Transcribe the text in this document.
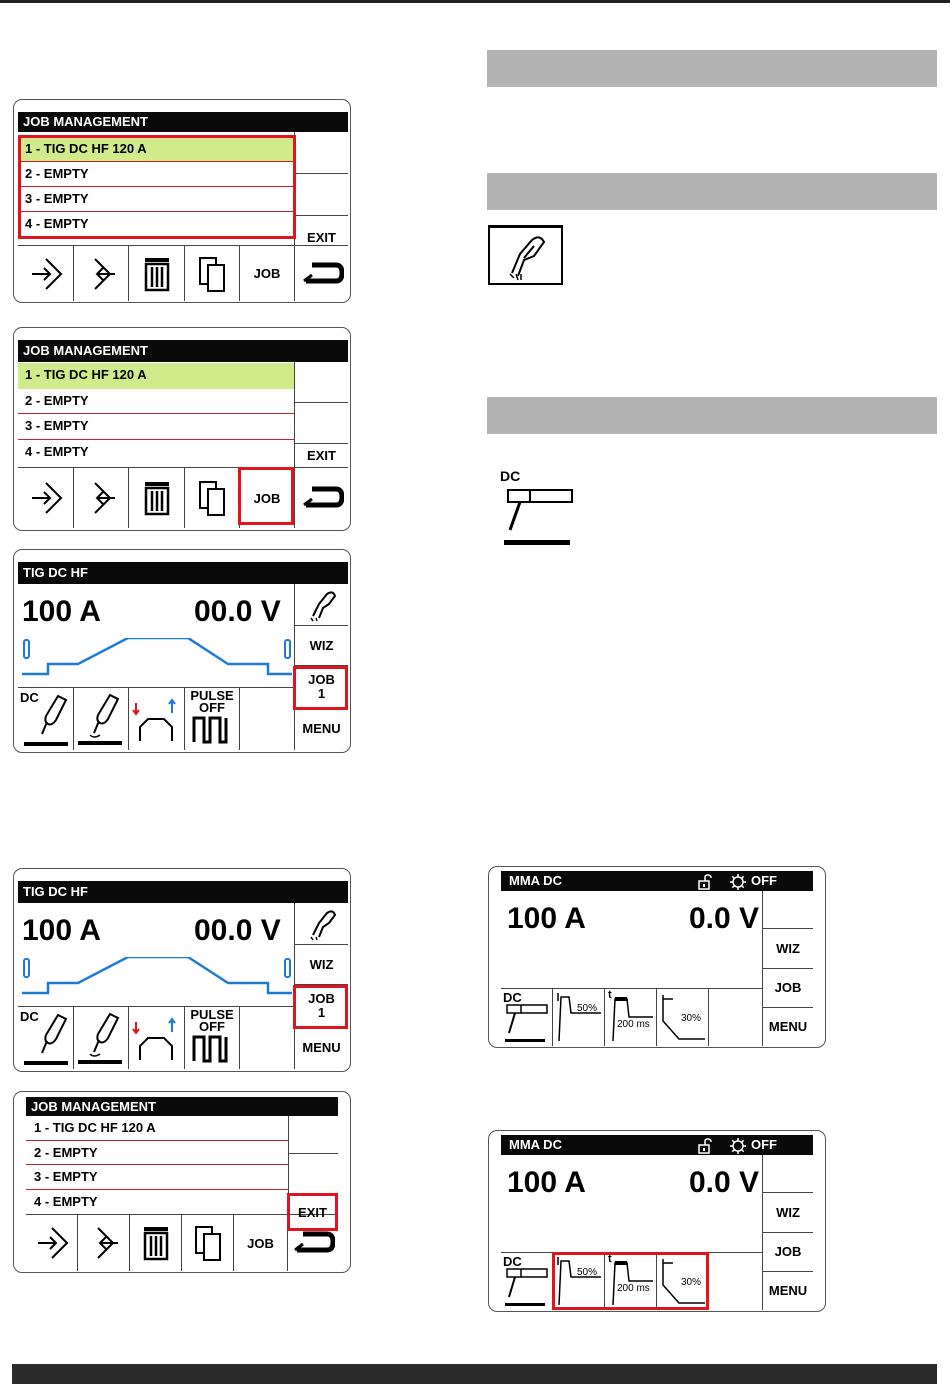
DC
JOB MANAGEMENT
1 - TIG DC HF 120 A
2 - EMPTY
3 - EMPTY
4 - EMPTY
EXIT
JOB
JOB MANAGEMENT
1 - TIG DC HF 120 A
2 - EMPTY
3 - EMPTY
4 - EMPTY	EXIT
JOB
TIG DC HF
100 A	00.0 V
WIZ
JOB
1
MENU
DC	PULSE
OFF
TIG DC HF
100 A	00.0 V
WIZ
JOB
1
MENU
DC	PULSE
OFF
JOB MANAGEMENT
1 - TIG DC HF 120 A
2 - EMPTY
3 - EMPTY
4 - EMPTY
JOB
EXIT
MMA DC	OFF
100 A	0.0 V
WIZ
JOB
MENU
DC
50%
t
200 ms
30%
MMA DC	OFF
100 A	0.0 V
WIZ
JOB
MENU
DC
50%
t
200 ms
30%
